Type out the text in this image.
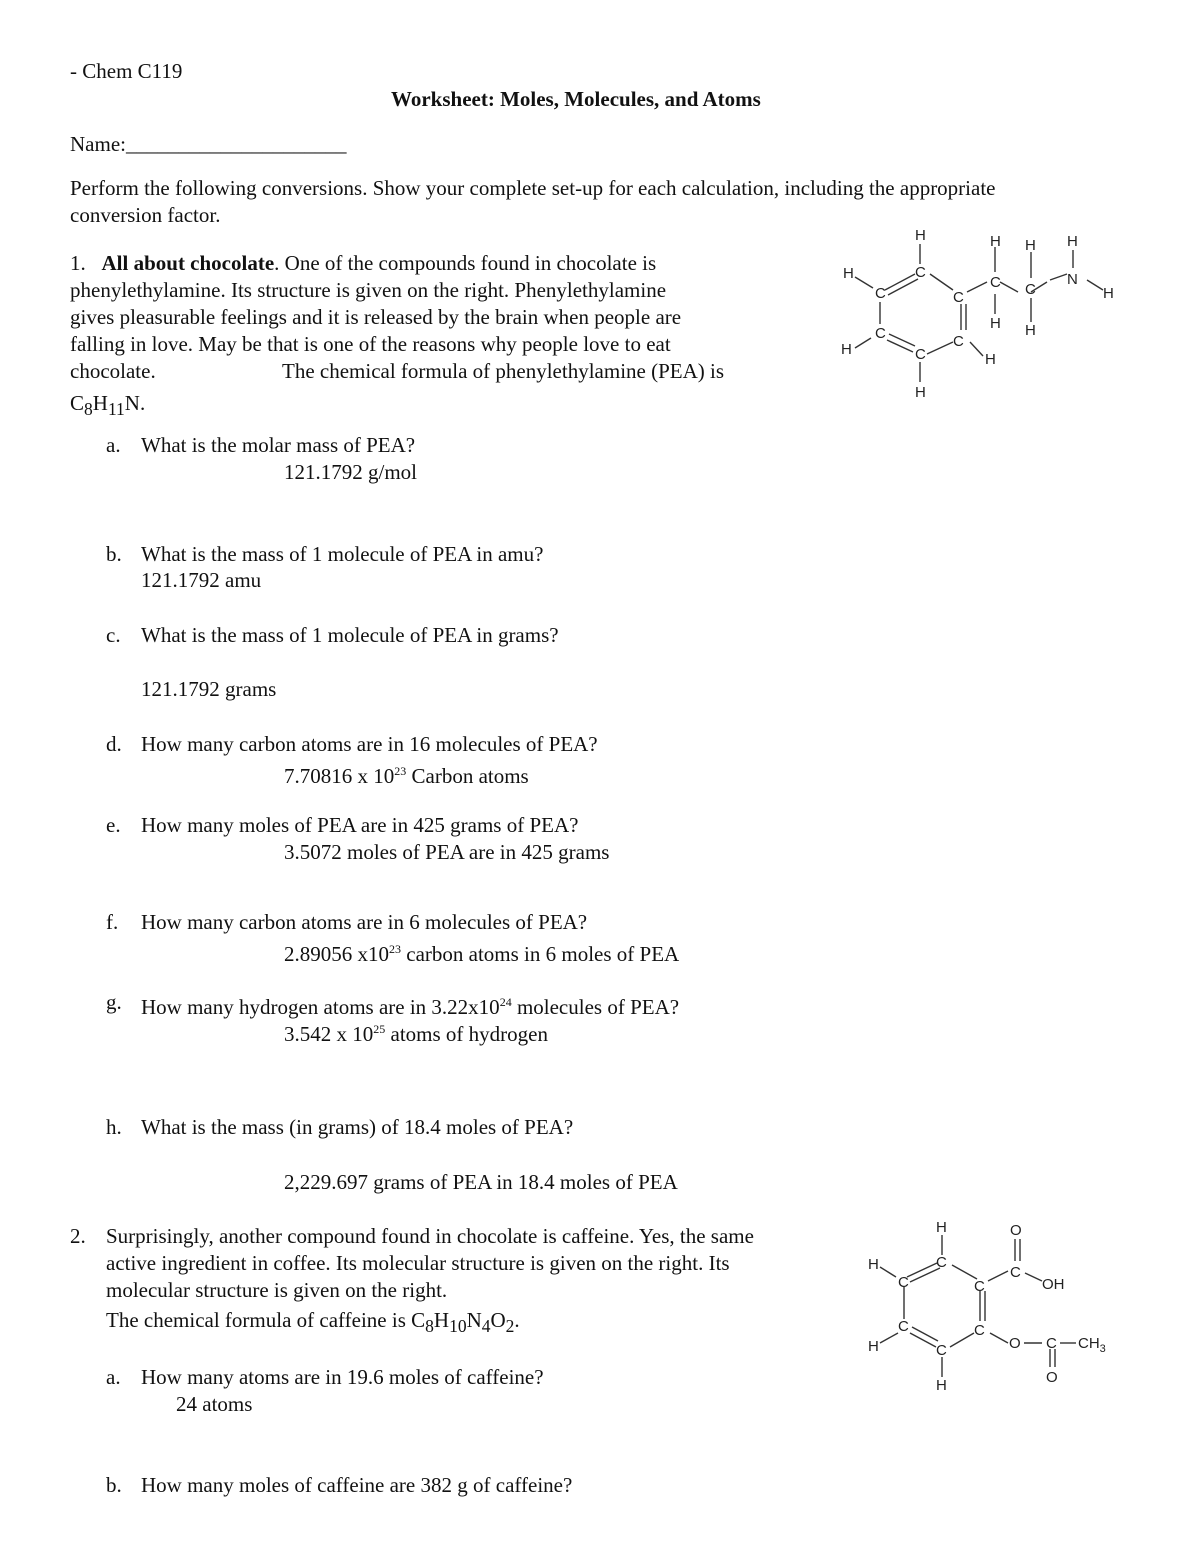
- Chem C119
Worksheet: Moles, Molecules, and Atoms
Name:_____________________
Perform the following conversions. Show your complete set-up for each calculation, including the appropriate
conversion factor.
1. All about chocolate. One of the compounds found in chocolate is
phenylethylamine. Its structure is given on the right. Phenylethylamine
gives pleasurable feelings and it is released by the brain when people are
falling in love. May be that is one of the reasons why people love to eat
chocolate.	The chemical formula of phenylethylamine (PEA) is
$C_8H_{11}N$.
a. What is the molar mass of PEA?
121.1792 g/mol
b. What is the mass of 1 molecule of PEA in amu?
121.1792 amu
c. What is the mass of 1 molecule of PEA in grams?
121.1792 grams
d. How many carbon atoms are in 16 molecules of PEA?
7.70816 x $10^{23}$ Carbon atoms
e. How many moles of PEA are in 425 grams of PEA?
3.5072 moles of PEA are in 425 grams
f. How many carbon atoms are in 6 molecules of PEA?
2.89056 $x10^{23}$ carbon atoms in 6 moles of PEA
g. How many hydrogen atoms are in $3.22x10^{24}$ molecules of PEA?
3.542 x $10^{25}$ atoms of hydrogen
h. What is the mass (in grams) of 18.4 moles of PEA?
2,229.697 grams of PEA in 18.4 moles of PEA
2. Surprisingly, another compound found in chocolate is caffeine. Yes, the same
active ingredient in coffee. Its molecular structure is given on the right. Its
molecular structure is given on the right.
The chemical formula of caffeine is $C_8H_{10}N_4O_2$.
a. How many atoms are in 19.6 moles of caffeine?
24 atoms
b. How many moles of caffeine are 382 g of caffeine?
H
C
H
C
C
H	C
H
C
C
H
H
C
H
H
C
H
H
N
H
H
C
H
C
C
H	C
H
C
C
O
C
OH
O C
O
$CH_3$
